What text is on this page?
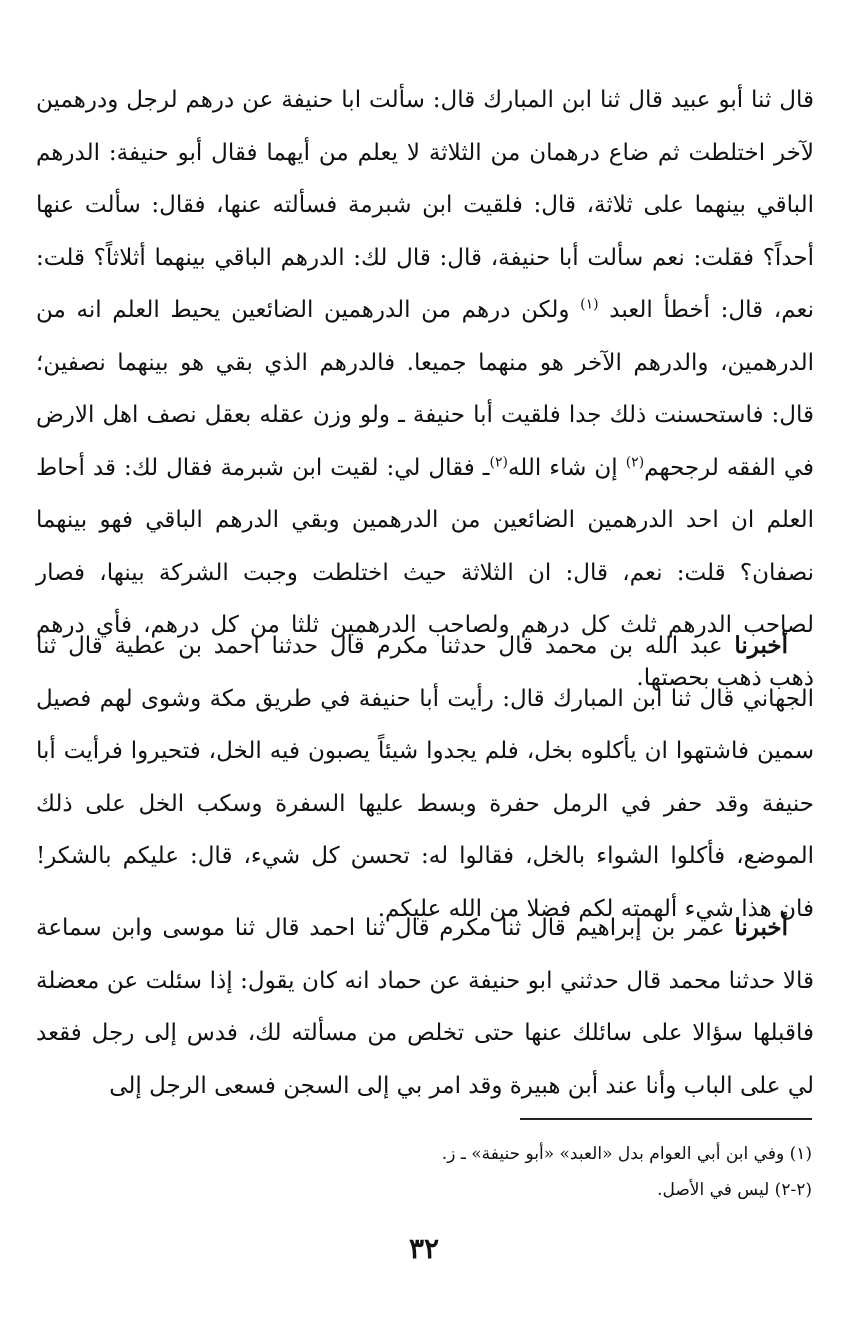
قال ثنا أبو عبيد قال ثنا ابن المبارك قال: سألت ابا حنيفة عن درهم لرجل ودرهمين لآخر اختلطت ثم ضاع درهمان من الثلاثة لا يعلم من أيهما فقال أبو حنيفة: الدرهم الباقي بينهما على ثلاثة، قال: فلقيت ابن شبرمة فسألته عنها، فقال: سألت عنها أحداً؟ فقلت: نعم سألت أبا حنيفة، قال: قال لك: الدرهم الباقي بينهما أثلاثاً؟ قلت: نعم، قال: أخطأ العبد $^{(١)}$ ولكن درهم من الدرهمين الضائعين يحيط العلم انه من الدرهمين، والدرهم الآخر هو منهما جميعا. فالدرهم الذي بقي هو بينهما نصفين؛ قال: فاستحسنت ذلك جدا فلقيت أبا حنيفة ـ ولو وزن عقله بعقل نصف اهل الارض في الفقه لرجحهم$^{(٢)}$ إن شاء الله$^{(٢)}$ـ فقال لي: لقيت ابن شبرمة فقال لك: قد أحاط العلم ان احد الدرهمين الضائعين من الدرهمين وبقي الدرهم الباقي فهو بينهما نصفان؟ قلت: نعم، قال: ان الثلاثة حيث اختلطت وجبت الشركة بينها، فصار لصاحب الدرهم ثلث كل درهم ولصاحب الدرهمين ثلثا من كل درهم، فأي درهم ذهب ذهب بحصتها.
أخبرنا عبد الله بن محمد قال حدثنا مكرم قال حدثنا احمد بن عطية قال ثنا الجهاني قال ثنا ابن المبارك قال: رأيت أبا حنيفة في طريق مكة وشوى لهم فصيل سمين فاشتهوا ان يأكلوه بخل، فلم يجدوا شيئاً يصبون فيه الخل، فتحيروا فرأيت أبا حنيفة وقد حفر في الرمل حفرة وبسط عليها السفرة وسكب الخل على ذلك الموضع، فأكلوا الشواء بالخل، فقالوا له: تحسن كل شيء، قال: عليكم بالشكر! فان هذا شيء ألهمته لكم فضلا من الله عليكم.
أخبرنا عمر بن إبراهيم قال ثنا مكرم قال ثنا احمد قال ثنا موسى وابن سماعة قالا حدثنا محمد قال حدثني ابو حنيفة عن حماد انه كان يقول: إذا سئلت عن معضلة فاقبلها سؤالا على سائلك عنها حتى تخلص من مسألته لك، فدس إلى رجل فقعد لي على الباب وأنا عند أبن هبيرة وقد امر بي إلى السجن فسعى الرجل إلى

(١) وفي ابن أبي العوام بدل «العبد» «أبو حنيفة» ـ ز.

(٢-٢) ليس في الأصل.

٣٢
